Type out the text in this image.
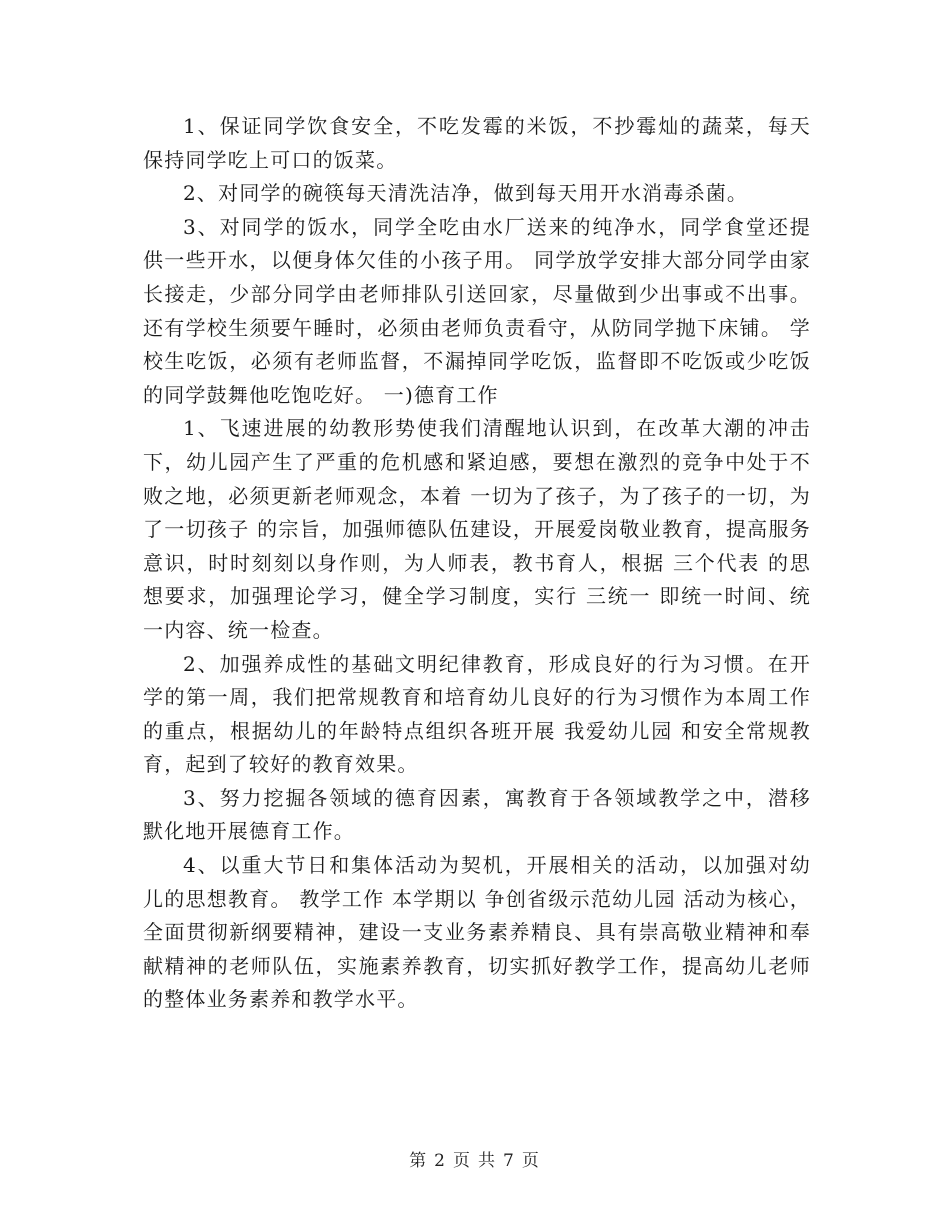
1、保证同学饮食安全，不吃发霉的米饭，不抄霉灿的蔬菜，每天保持同学吃上可口的饭菜。

2、对同学的碗筷每天清洗洁净，做到每天用开水消毒杀菌。

3、对同学的饭水，同学全吃由水厂送来的纯净水，同学食堂还提供一些开水，以便身体欠佳的小孩子用。 同学放学安排大部分同学由家长接走，少部分同学由老师排队引送回家，尽量做到少出事或不出事。 还有学校生须要午睡时，必须由老师负责看守，从防同学抛下床铺。 学校生吃饭，必须有老师监督，不漏掉同学吃饭，监督即不吃饭或少吃饭的同学鼓舞他吃饱吃好。 一)德育工作

1、飞速进展的幼教形势使我们清醒地认识到，在改革大潮的冲击下，幼儿园产生了严重的危机感和紧迫感，要想在激烈的竞争中处于不败之地，必须更新老师观念，本着 一切为了孩子，为了孩子的一切，为了一切孩子 的宗旨，加强师德队伍建设，开展爱岗敬业教育，提高服务意识，时时刻刻以身作则，为人师表，教书育人，根据 三个代表 的思想要求，加强理论学习，健全学习制度，实行 三统一 即统一时间、统一内容、统一检查。

2、加强养成性的基础文明纪律教育，形成良好的行为习惯。在开学的第一周，我们把常规教育和培育幼儿良好的行为习惯作为本周工作的重点，根据幼儿的年龄特点组织各班开展 我爱幼儿园 和安全常规教育，起到了较好的教育效果。

3、努力挖掘各领域的德育因素，寓教育于各领域教学之中，潜移默化地开展德育工作。

4、以重大节日和集体活动为契机，开展相关的活动，以加强对幼儿的思想教育。 教学工作 本学期以 争创省级示范幼儿园 活动为核心，全面贯彻新纲要精神，建设一支业务素养精良、具有崇高敬业精神和奉献精神的老师队伍，实施素养教育，切实抓好教学工作，提高幼儿老师的整体业务素养和教学水平。

第 2 页 共 7 页
